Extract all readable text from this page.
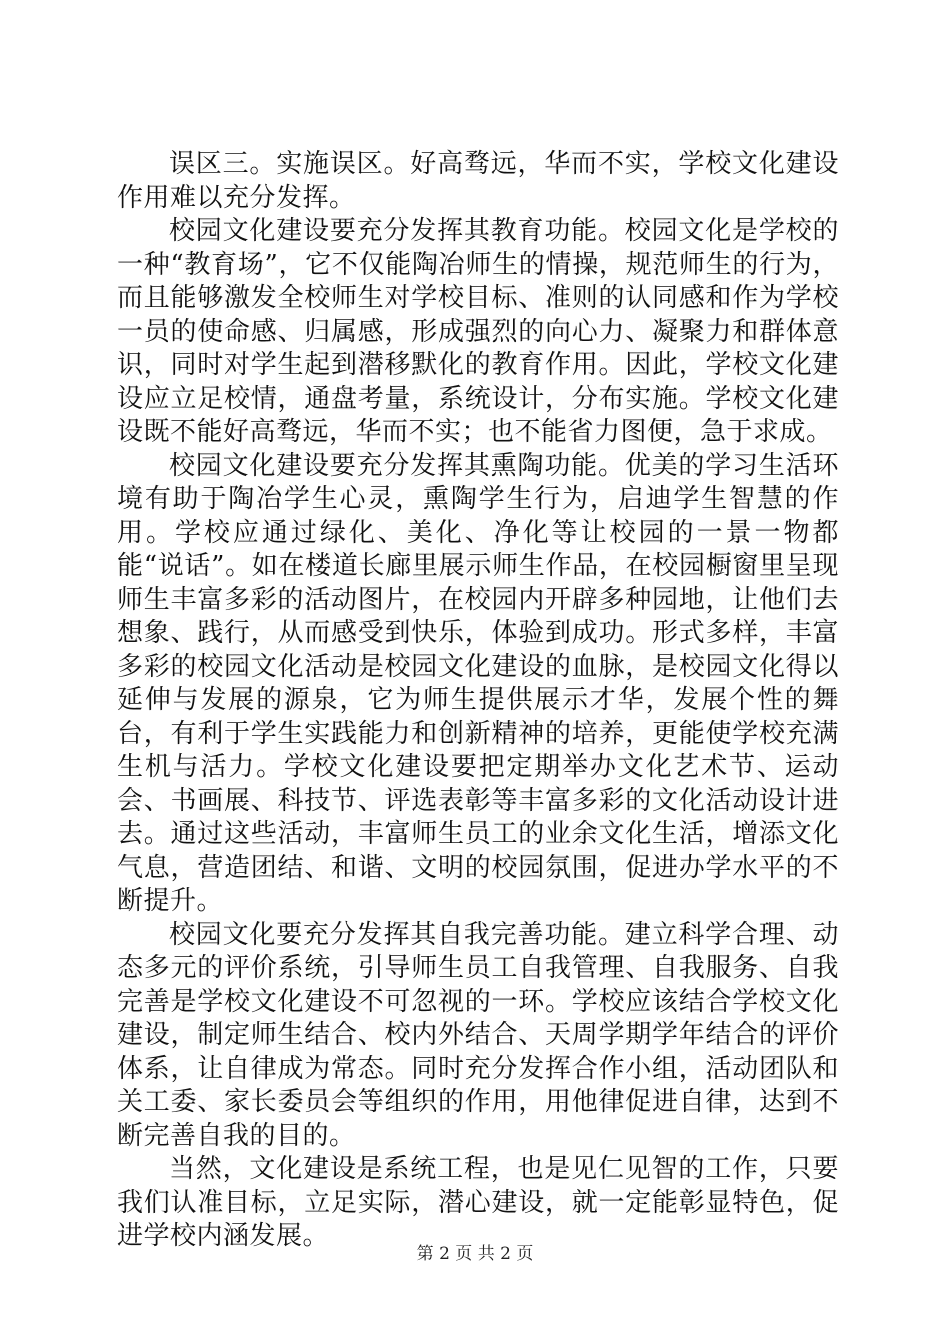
误区三。实施误区。好高骛远，华而不实，学校文化建设作用难以充分发挥。

校园文化建设要充分发挥其教育功能。校园文化是学校的一种“教育场”，它不仅能陶冶师生的情操，规范师生的行为，而且能够激发全校师生对学校目标、准则的认同感和作为学校一员的使命感、归属感，形成强烈的向心力、凝聚力和群体意识，同时对学生起到潜移默化的教育作用。因此，学校文化建设应立足校情，通盘考量，系统设计，分布实施。学校文化建设既不能好高骛远，华而不实；也不能省力图便，急于求成。

校园文化建设要充分发挥其熏陶功能。优美的学习生活环境有助于陶冶学生心灵，熏陶学生行为，启迪学生智慧的作用。学校应通过绿化、美化、净化等让校园的一景一物都能“说话”。如在楼道长廊里展示师生作品，在校园橱窗里呈现师生丰富多彩的活动图片，在校园内开辟多种园地，让他们去想象、践行，从而感受到快乐，体验到成功。形式多样，丰富多彩的校园文化活动是校园文化建设的血脉，是校园文化得以延伸与发展的源泉，它为师生提供展示才华，发展个性的舞台，有利于学生实践能力和创新精神的培养，更能使学校充满生机与活力。学校文化建设要把定期举办文化艺术节、运动会、书画展、科技节、评选表彰等丰富多彩的文化活动设计进去。通过这些活动，丰富师生员工的业余文化生活，增添文化气息，营造团结、和谐、文明的校园氛围，促进办学水平的不断提升。

校园文化要充分发挥其自我完善功能。建立科学合理、动态多元的评价系统，引导师生员工自我管理、自我服务、自我完善是学校文化建设不可忽视的一环。学校应该结合学校文化建设，制定师生结合、校内外结合、天周学期学年结合的评价体系，让自律成为常态。同时充分发挥合作小组，活动团队和关工委、家长委员会等组织的作用，用他律促进自律，达到不断完善自我的目的。

当然，文化建设是系统工程，也是见仁见智的工作，只要我们认准目标，立足实际，潜心建设，就一定能彰显特色，促进学校内涵发展。

第 2 页 共 2 页
